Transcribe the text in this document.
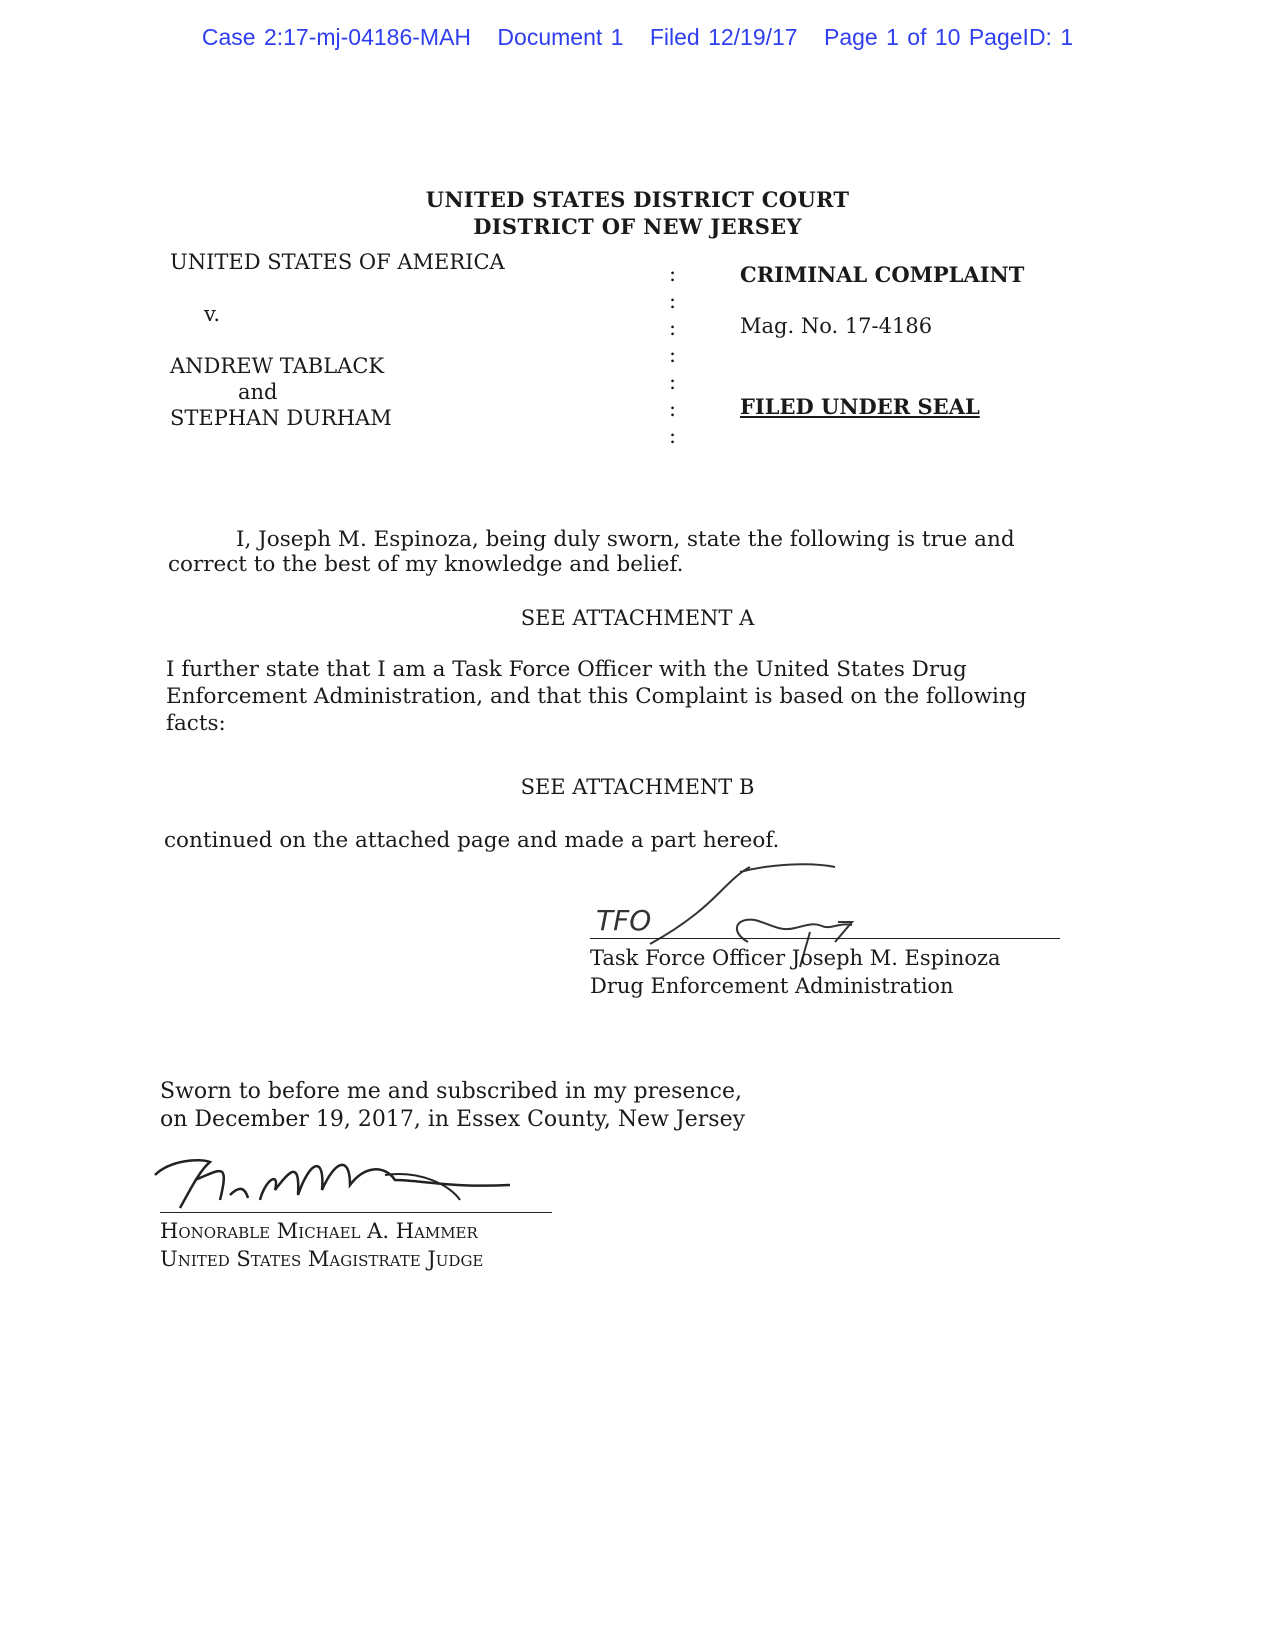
Case 2:17-mj-04186-MAH Document 1 Filed 12/19/17 Page 1 of 10 PageID: 1
UNITED STATES DISTRICT COURT
DISTRICT OF NEW JERSEY
UNITED STATES OF AMERICA
v.
ANDREW TABLACK
and
STEPHAN DURHAM
:
:
:
:
:
:
:
CRIMINAL COMPLAINT
Mag. No. 17-4186
FILED UNDER SEAL
I, Joseph M. Espinoza, being duly sworn, state the following is true and
correct to the best of my knowledge and belief.
SEE ATTACHMENT A
I further state that I am a Task Force Officer with the United States Drug
Enforcement Administration, and that this Complaint is based on the following
facts:
SEE ATTACHMENT B
continued on the attached page and made a part hereof.
TFO
Task Force Officer Joseph M. Espinoza
Drug Enforcement Administration
Sworn to before me and subscribed in my presence,
on December 19, 2017, in Essex County, New Jersey
Honorable Michael A. Hammer
United States Magistrate Judge
